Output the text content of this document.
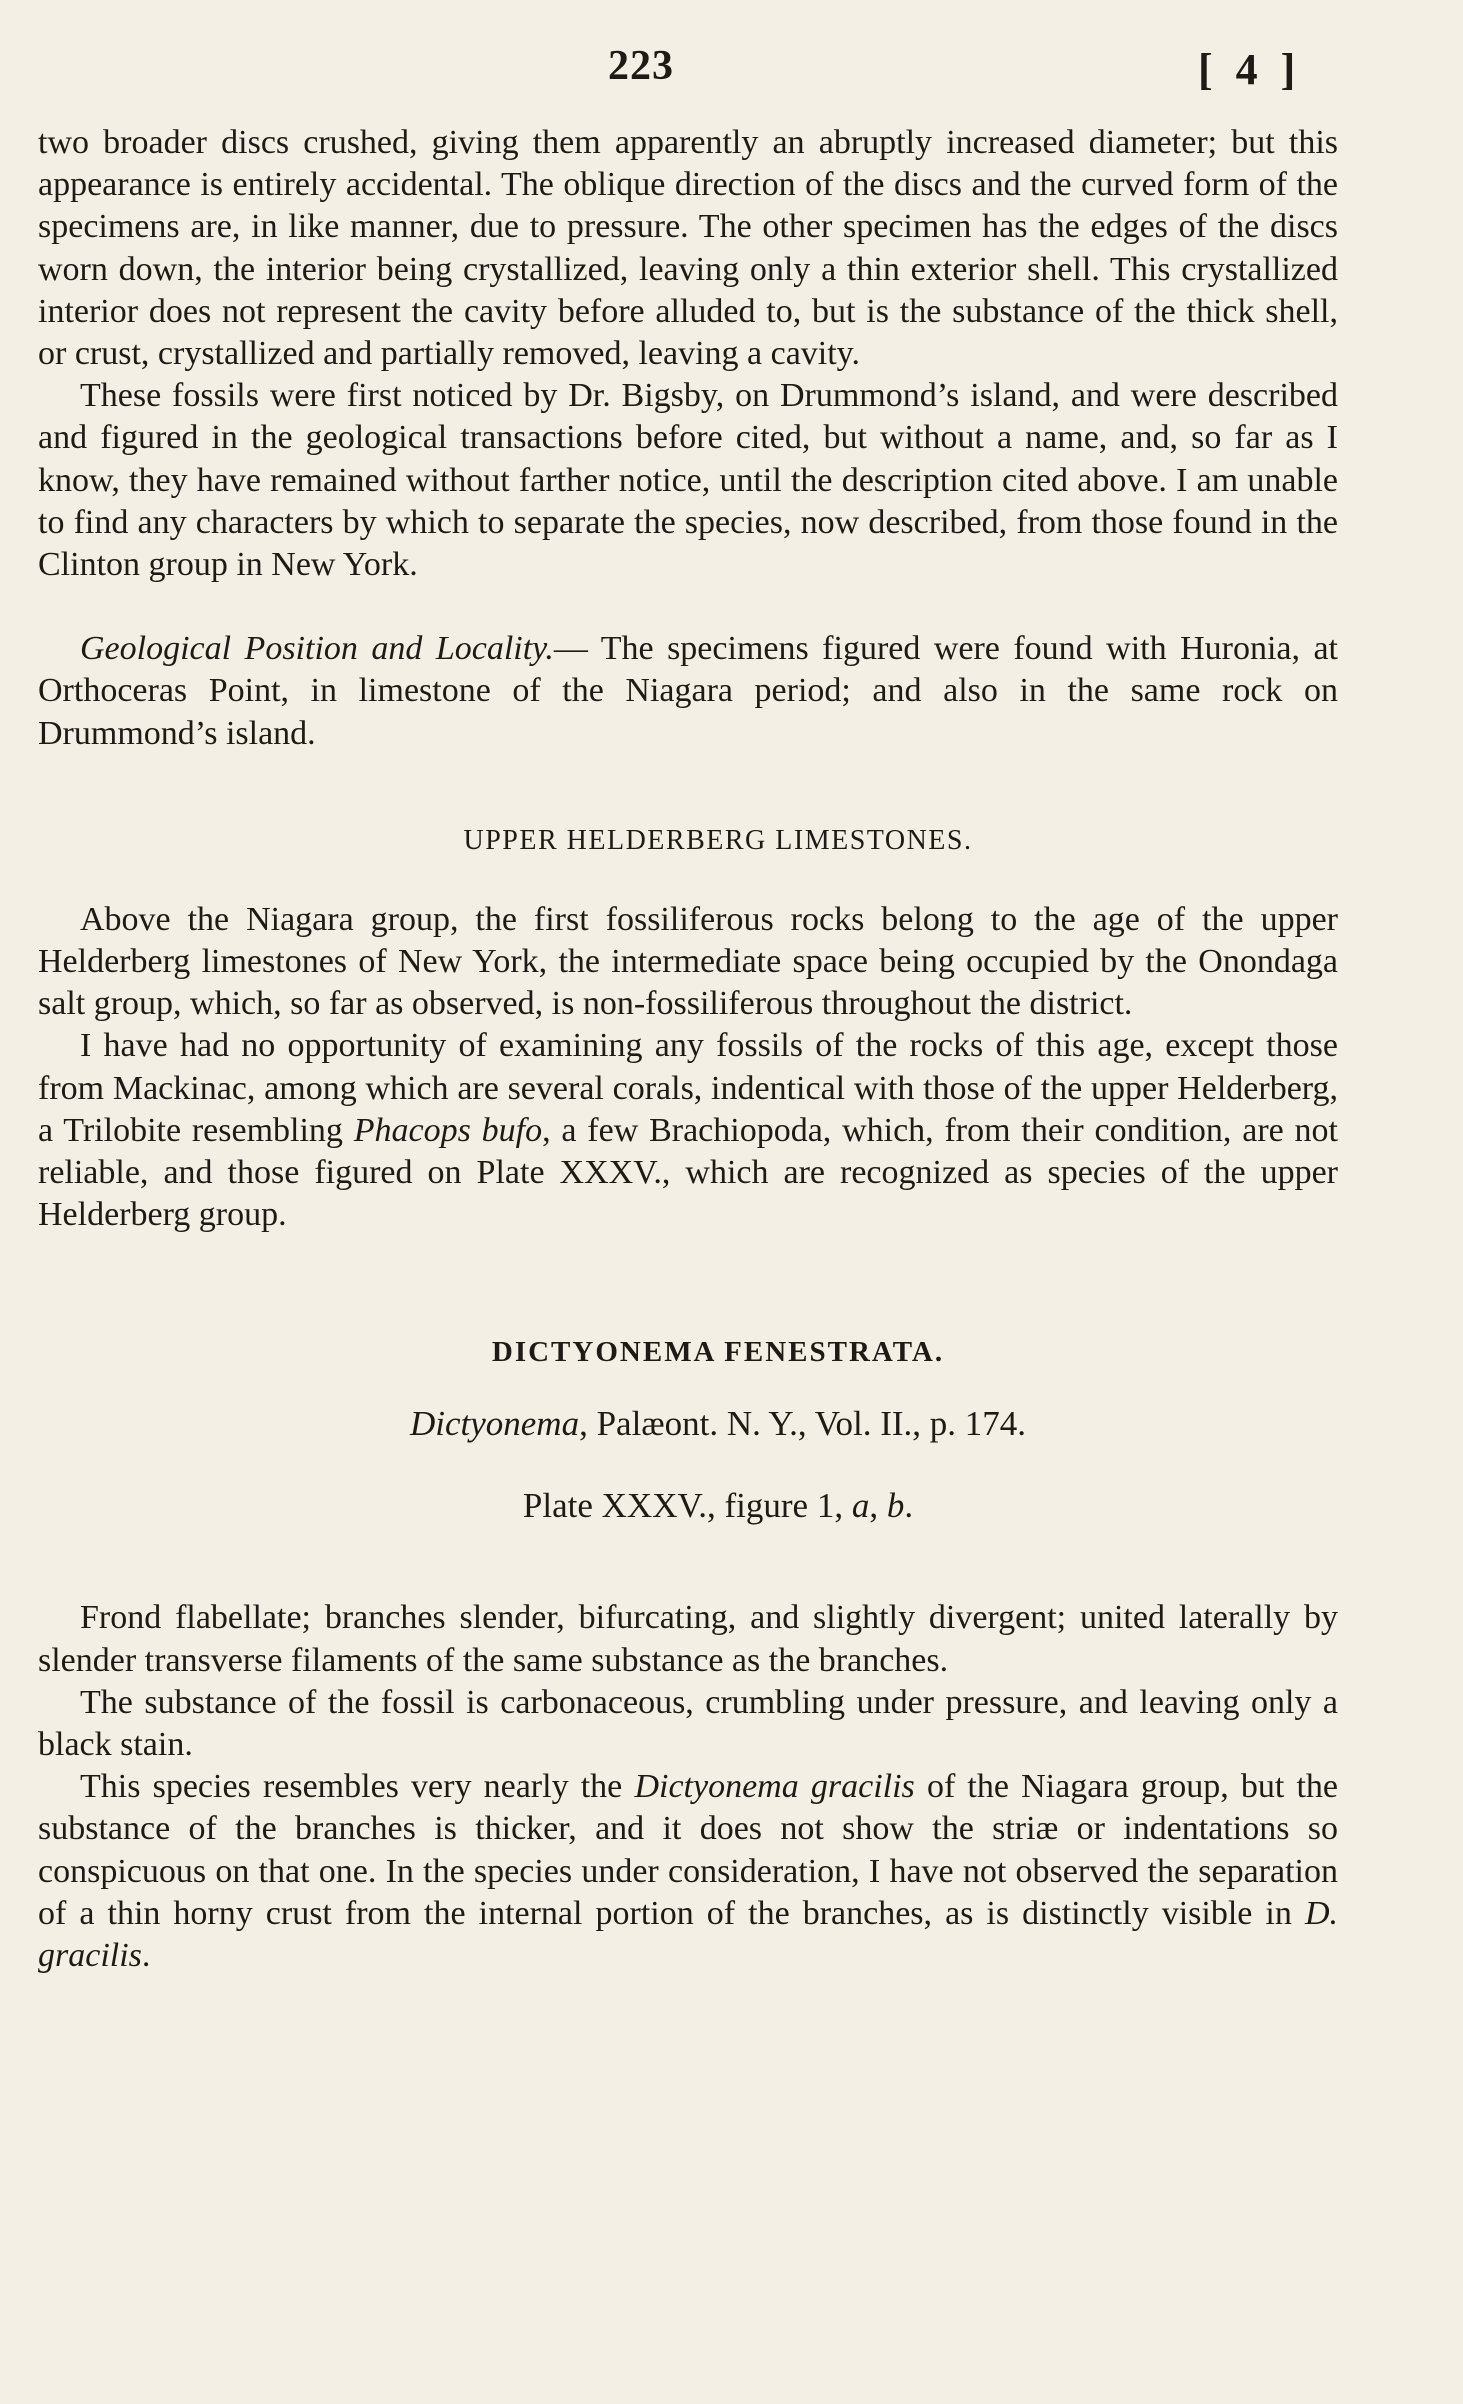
223	[ 4 ]

two broader discs crushed, giving them apparently an abruptly increased diameter; but this appearance is entirely accidental. The oblique direction of the discs and the curved form of the specimens are, in like manner, due to pressure. The other specimen has the edges of the discs worn down, the interior being crystallized, leaving only a thin exterior shell. This crystallized interior does not represent the cavity before alluded to, but is the substance of the thick shell, or crust, crystallized and partially removed, leaving a cavity.

These fossils were first noticed by Dr. Bigsby, on Drummond’s island, and were described and figured in the geological transactions before cited, but without a name, and, so far as I know, they have remained without farther notice, until the description cited above. I am unable to find any characters by which to separate the species, now described, from those found in the Clinton group in New York.

Geological Position and Locality.— The specimens figured were found with Huronia, at Orthoceras Point, in limestone of the Niagara period; and also in the same rock on Drummond’s island.

UPPER HELDERBERG LIMESTONES.

Above the Niagara group, the first fossiliferous rocks belong to the age of the upper Helderberg limestones of New York, the intermediate space being occupied by the Onondaga salt group, which, so far as observed, is non-fossiliferous throughout the district.

I have had no opportunity of examining any fossils of the rocks of this age, except those from Mackinac, among which are several corals, indentical with those of the upper Helderberg, a Trilobite resembling Phacops bufo, a few Brachiopoda, which, from their condition, are not reliable, and those figured on Plate XXXV., which are recognized as species of the upper Helderberg group.

DICTYONEMA FENESTRATA.
Dictyonema, Palæont. N. Y., Vol. II., p. 174.
Plate XXXV., figure 1, a, b.

Frond flabellate; branches slender, bifurcating, and slightly divergent; united laterally by slender transverse filaments of the same substance as the branches.

The substance of the fossil is carbonaceous, crumbling under pressure, and leaving only a black stain.

This species resembles very nearly the Dictyonema gracilis of the Niagara group, but the substance of the branches is thicker, and it does not show the striæ or indentations so conspicuous on that one. In the species under consideration, I have not observed the separation of a thin horny crust from the internal portion of the branches, as is distinctly visible in D. gracilis.
